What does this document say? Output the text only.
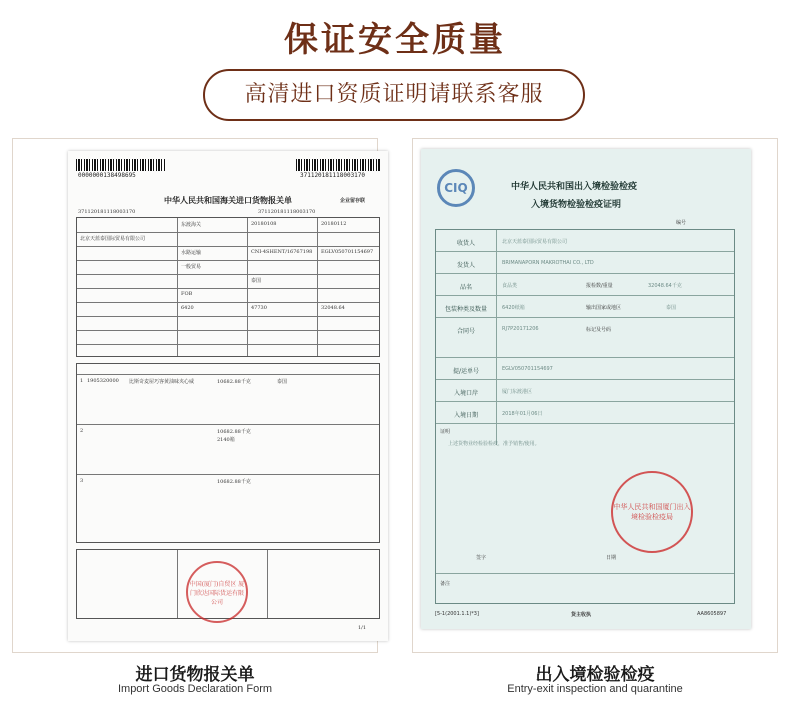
保证安全质量
高清进口资质证明请联系客服
0000000138498695	371120181118003170
中华人民共和国海关进口货物报关单	企业留存联
371120181118003170	371120181118003170
北京天蓝泰国际贸易有限公司
东渡海关	20180108	20180112
水路运输	CNI-4SHENT/16767198 EGLV050701154697
一般贸易
泰国
FOB
6420	47730	32048.64
1 1905320000 比斯奇麦屋巧客黄油味夹心威	10682.88千克	泰国
2	10682.88千克
2140箱
3	10682.88千克
中国(厦门)自贸区 厦门欣达国际货运有限公司
1/1
CIQ	中华人民共和国出入境检验检疫
入境货物检验检疫证明
编号
收货人	北京天蓝泰国际贸易有限公司
发货人	BRIMANAPORN MAKROTHAI CO., LTD
品名	食品类	报检数/重量	32048.64千克
包装种类及数量	6420纸箱	输出国家或地区	泰国
合同号	RJ7P20171206	标记及号码
提/运单号	EGLV050701154697
入境口岸	厦门东渡港区
入境日期	2018年01月06日
证明
上述货物业经检验检疫，准予销售/使用。
签字	日期
备注
中华人民共和国厦门出入境检验检疫局
[5-1(2001.1.1)*3]	货主收执	AA8605897
进口货物报关单
Import Goods Declaration Form
出入境检验检疫
Entry-exit inspection and quarantine
